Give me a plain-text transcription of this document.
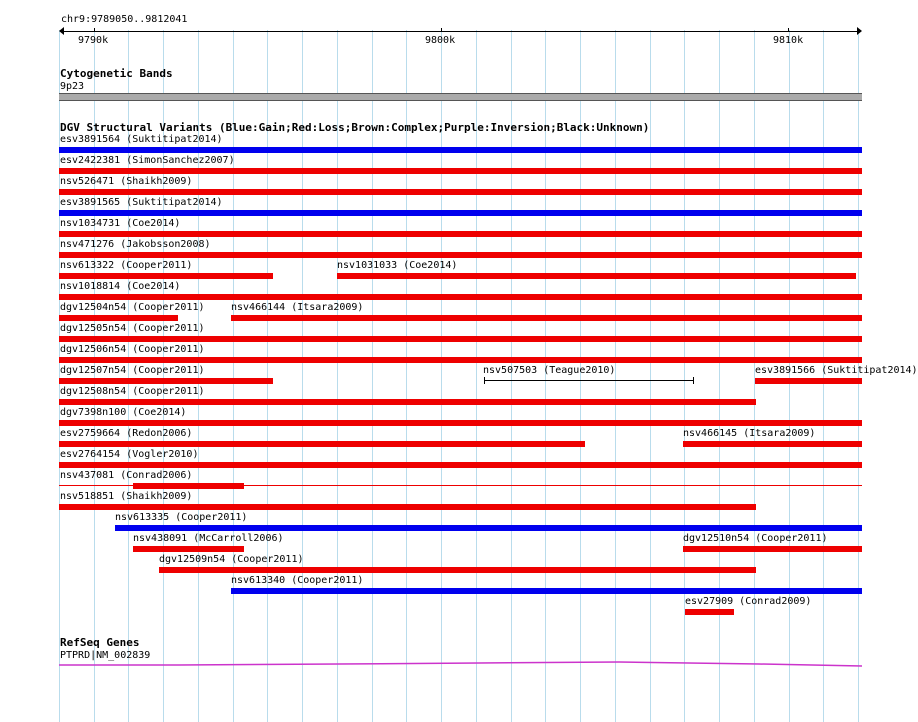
chr9:9789050..9812041
9790k	9800k	9810k
Cytogenetic Bands
9p23
DGV Structural Variants (Blue:Gain;Red:Loss;Brown:Complex;Purple:Inversion;Black:Unknown)
esv3891564 (Suktitipat2014)
esv2422381 (SimonSanchez2007)
nsv526471 (Shaikh2009)
esv3891565 (Suktitipat2014)
nsv1034731 (Coe2014)
nsv471276 (Jakobsson2008)
nsv613322 (Cooper2011)	nsv1031033 (Coe2014)
nsv1018814 (Coe2014)
dgv12504n54 (Cooper2011)	nsv466144 (Itsara2009)
dgv12505n54 (Cooper2011)
dgv12506n54 (Cooper2011)
dgv12507n54 (Cooper2011)	nsv507503 (Teague2010)	esv3891566 (Suktitipat2014)
dgv12508n54 (Cooper2011)
dgv7398n100 (Coe2014)
esv2759664 (Redon2006)	nsv466145 (Itsara2009)
esv2764154 (Vogler2010)
nsv437081 (Conrad2006)
nsv518851 (Shaikh2009)
nsv613335 (Cooper2011)
nsv438091 (McCarroll2006)	dgv12510n54 (Cooper2011)
dgv12509n54 (Cooper2011)
nsv613340 (Cooper2011)
esv27909 (Conrad2009)
RefSeq Genes
PTPRD|NM_002839
